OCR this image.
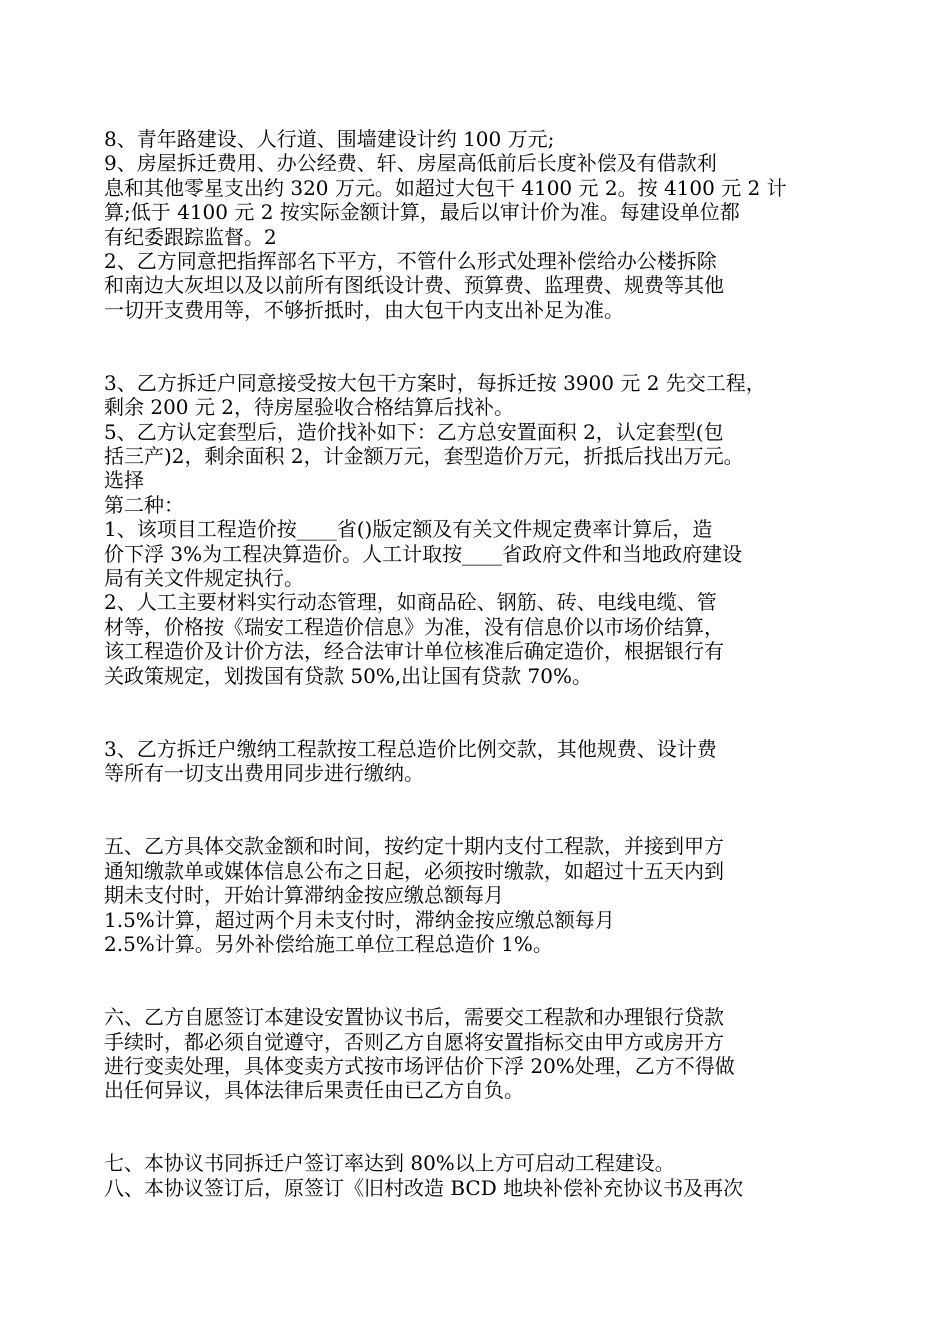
8、青年路建设、人行道、围墙建设计约 100 万元;
9、房屋拆迁费用、办公经费、轩、房屋高低前后长度补偿及有借款利
息和其他零星支出约 320 万元。如超过大包干 4100 元 2。按 4100 元 2 计
算;低于 4100 元 2 按实际金额计算，最后以审计价为准。每建设单位都
有纪委跟踪监督。2
2、乙方同意把指挥部名下平方，不管什么形式处理补偿给办公楼拆除
和南边大灰坦以及以前所有图纸设计费、预算费、监理费、规费等其他
一切开支费用等，不够折抵时，由大包干内支出补足为准。
3、乙方拆迁户同意接受按大包干方案时，每拆迁按 3900 元 2 先交工程，
剩余 200 元 2，待房屋验收合格结算后找补。
5、乙方认定套型后，造价找补如下：乙方总安置面积 2，认定套型(包
括三产)2，剩余面积 2，计金额万元，套型造价万元，折抵后找出万元。
选择
第二种：
1、该项目工程造价按____省()版定额及有关文件规定费率计算后，造
价下浮 3%为工程决算造价。人工计取按____省政府文件和当地政府建设
局有关文件规定执行。
2、人工主要材料实行动态管理，如商品砼、钢筋、砖、电线电缆、管
材等，价格按《瑞安工程造价信息》为准，没有信息价以市场价结算，
该工程造价及计价方法，经合法审计单位核准后确定造价，根据银行有
关政策规定，划拨国有贷款 50%,出让国有贷款 70%。
3、乙方拆迁户缴纳工程款按工程总造价比例交款，其他规费、设计费
等所有一切支出费用同步进行缴纳。
五、乙方具体交款金额和时间，按约定十期内支付工程款，并接到甲方
通知缴款单或媒体信息公布之日起，必须按时缴款，如超过十五天内到
期未支付时，开始计算滞纳金按应缴总额每月
1.5%计算，超过两个月未支付时，滞纳金按应缴总额每月
2.5%计算。另外补偿给施工单位工程总造价 1%。
六、乙方自愿签订本建设安置协议书后，需要交工程款和办理银行贷款
手续时，都必须自觉遵守，否则乙方自愿将安置指标交由甲方或房开方
进行变卖处理，具体变卖方式按市场评估价下浮 20%处理，乙方不得做
出任何异议，具体法律后果责任由已乙方自负。
七、本协议书同拆迁户签订率达到 80%以上方可启动工程建设。
八、本协议签订后，原签订《旧村改造 BCD 地块补偿补充协议书及再次
